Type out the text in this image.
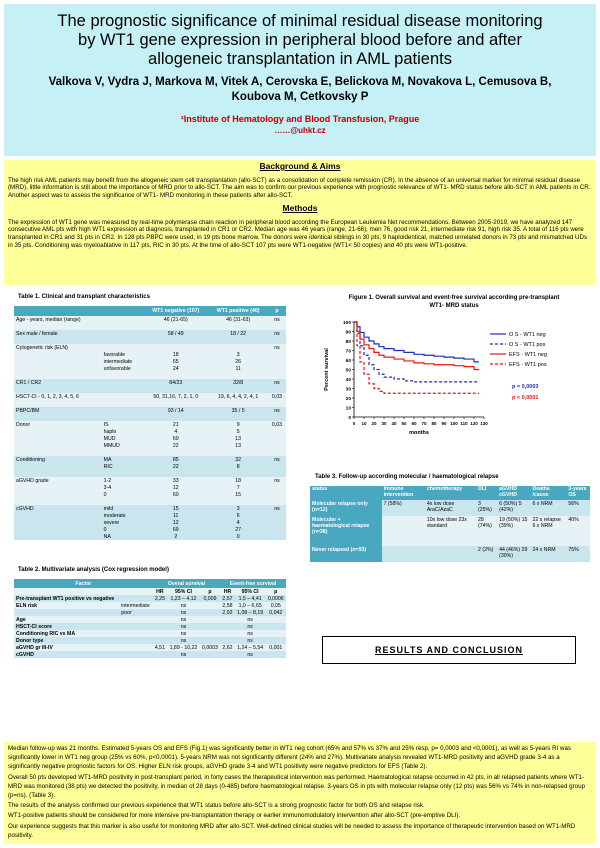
The prognostic significance of minimal residual disease monitoring
by WT1 gene expression in peripheral blood before and after
allogeneic transplantation in AML patients
Valkova V, Vydra J, Markova M, Vitek A, Cerovska E, Belickova M, Novakova L, Cemusova B,
Koubova M, Cetkovsky P
¹Institute of Hematology and Blood Transfusion, Prague
……@uhkt.cz
Background & Aims

The high risk AML patients may benefit from the allogeneic stem cell transplantation (allo-SCT) as a consolidation of complete remission (CR). In the absence of an universal marker for minimal residual disease (MRD), little information is still about the importance of MRD prior to allo-SCT. The aim was to confirm our previous experience with prognostic relevance of WT1- MRD status before allo-SCT in AML patients in CR. Another aspect was to assess the significance of WT1- MRD monitoring in these patients after allo-SCT.

Methods

The expression of WT1 gene was measured by real-time polymerase chain reaction in peripheral blood according the European Leukemia Net recommendations. Between 2005-2019, we have analyzed 147 consecutive AML pts with high WT1 expression at diagnosis, transplanted in CR1 or CR2. Median age was 46 years (range; 21-66), men 76, good risk 21, intermediate risk 91, high risk 35. A total of 116 pts were transplanted in CR1 and 31 pts in CR2. In 128 pts PBPC were used, in 19 pts bone marrow. The donors were identical siblings in 30 pts, 9 haploidentical, matched unrelated donors in 73 pts and mismatched UDs in 35 pts. Conditioning was myeloablative in 117 pts, RIC in 30 pts. At the time of allo-SCT 107 pts were WT1-negative (WT1< 50 copies) and 40 pts were WT1-positive.

Table 1. Clinical and transplant characteristics
		WT1 negative (107)	WT1 positive (40)	p
Age - years, median (range)		46 (21-65)	46 (31-63)	ns

Sex male / female		58 / 49	18 / 22	ns

Cytogenetic risk (ELN)				ns
	favorable	18	3	
	intermediate	65	26	
	unfavorable	24	11	

CR1 / CR2		84/23	32/8	ns

HSCT-CI - 0, 1, 2, 3, 4, 5, 6		50, 31,16, 7, 2, 1, 0	19, 6, 4, 4, 2, 4, 1	0,03

PBPC/BM		93 / 14	35 / 5	ns

Donor	IS	21	9	0,03
	haplo	4	5	
	MUD	60	13	
	MMUD	22	13	

Conditioning	MA	85	32	ns
	RIC	22	8	

aGVHD grade	1-2	33	18	ns
	3-4	12	7	
	0	60	15	

cGVHD	mild	15	3	ns
	moderate	11	6	
	severe	12	4	
	0	69	27	
	NA	2	0	
Table 2. Multivariate analysis (Cox regression model)
Factor		Overal survival			Event-free survival		
		HR	95% CI	p	HR	95% CI	p
Pre-transplant WT1 positive vs negative		2,25	1,23 – 4,12	0,009	2,57	1,5 – 4,41	0,0006
ELN risk	intermediate		ns		2,58	1,0 – 6,65	0,05
	poor		ns		2,92	1,08 – 8,19	0,042
Age			ns			ns	
HSCT-CI score			ns			ns	
Conditioning RIC vs MA			ns			ns	
Donor type			ns			ns	
aGVHD gr III-IV		4,51	1,89 - 10,22	0,0003	2,62	1,24 – 5,54	0,001
cGVHD			ns			ns	
Figure 1. Overall survival and event-free survival according pre-transplant
WT1- MRD status
0
10
20
30
40
50
60
70
80
90
100
0 10 20 30 40 50 60 70 80 90 100 110 120 130
months
Percent survival
O S - WT1 neg
O S - WT1 pos
EFS - WT1 neg
EFS - WT1 pos
p = 0,0003
p < 0,0001
Table 3. Follow-up according molecular / haematological relapse
status	Immune intervention	chemotherapy	DLI	aGVHD cGVHD	Deaths /cause	3-years OS
Molecular relapse only (n=12)	7 (58%)	4x low dose AraC/AzaC	3 (25%)	6 (50%) 5 (42%)	6 x NRM	56%
Molecular + haematological relapse (n=38)		10x low dose 23x standard	28 (74%)	19 (50%) 15 (39%)	22 x relapse 6 x NRM	40%
Never relapsed (n=93)			2 (2%)	44 (46%) 29 (30%)	24 x NRM	75%
RESULTS AND CONCLUSION

Median follow-up was 21 months. Estimated 5-years OS and EFS (Fig.1) was significantly better in WT1 neg cohort (65% and 57% vs 37% and 25% resp, p= 0,0003 and <0,0001), as well as 5-years RI was significantly lower in WT1 neg group (25% vs 60%, p<0,0001). 5-years NRM was not significantly different (24% and 27%). Multivariate analysis revealed WT1-MRD positivity and aGVHD grade 3-4 as a significantly negative prognostic factors for OS. Higher ELN risk groups, aGVHD grade 3-4 and WT1 positivity were negative predictors for EFS (Table 2).

Overall 50 pts developed WT1-MRD positivity in post-transplant period, in forty cases the therapeutical intervention was performed. Haematological relapse occurred in 42 pts, in all relapsed patients where WT1-MRD was monitored (38 pts) we detected the positivity, in median of 28 days (0-485) before haematological relapse. 3-years OS in pts with molecular relapse only (12 pts) was 56% vs 74% in non-relapsed group (p=ns). (Table 3).

The results of the analysis confirmed our previous experience that WT1 status before allo-SCT is a strong prognostic factor for both OS and relapse risk.

WT1-positive patients should be considered for more intensive pre-transplantation therapy or earlier immunomodulatory intervention after allo-SCT (pre-emptive DLI).

Our experience suggests that this marker is also useful for monitoring MRD after allo-SCT. Well-defined clinical studies will be needed to assess the importance of therapeutic intervention based on WT1-MRD positivity.
